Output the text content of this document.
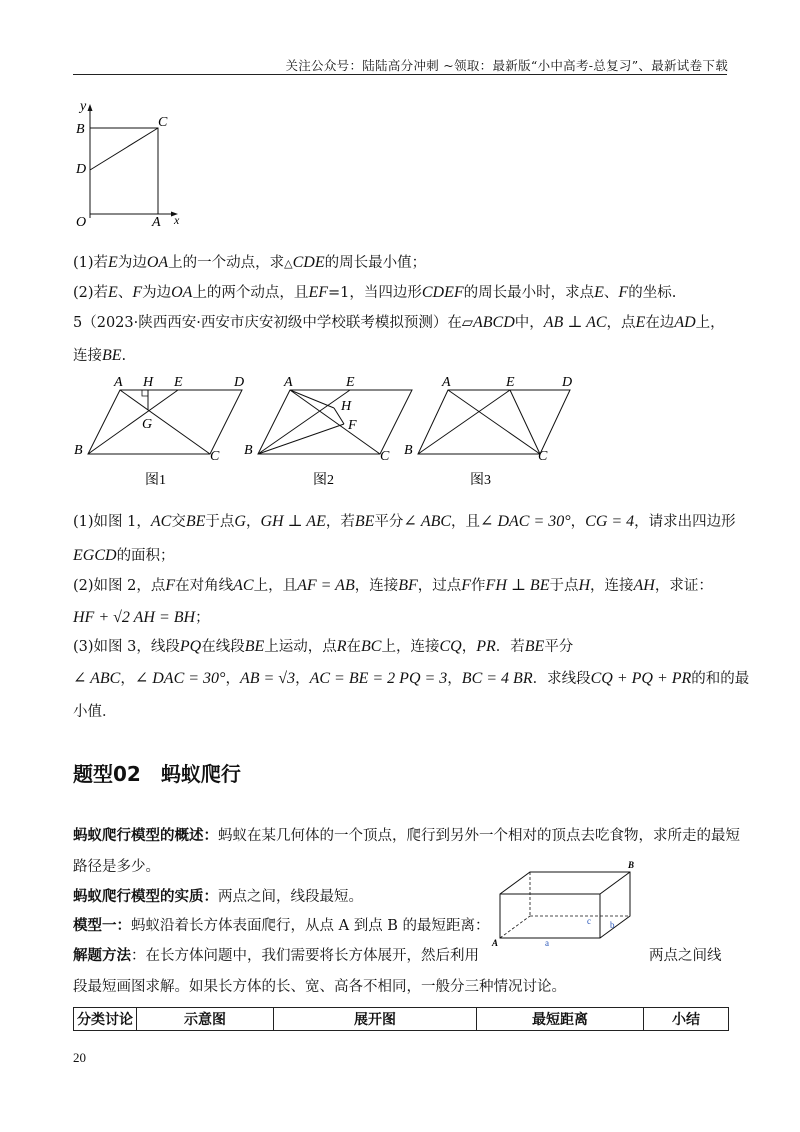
关注公众号：陆陆高分冲刺 ~领取：最新版“小中高考-总复习”、最新试卷下载
y
x
B	C
D
O	A
(1)若E为边OA上的一个动点，求△CDE的周长最小值；
(2)若E、F为边OA上的两个动点，且EF=1，当四边形CDEF的周长最小时，求点E、F的坐标.
5（2023·陕西西安·西安市庆安初级中学校联考模拟预测）在▱ABCD中，AB ⊥ AC，点E在边AD上，
连接BE.
A H E	D
G
B	C
图1
A	E
H
F
B	C
图2
A	E	D
B	C
图3
(1)如图 1，AC交BE于点G，GH ⊥ AE，若BE平分∠ ABC，且∠ DAC = 30°，CG = 4，请求出四边形
EGCD的面积；
(2)如图 2，点F在对角线AC上，且AF = AB，连接BF，过点F作FH ⊥ BE于点H，连接AH，求证：
HF + √2 AH = BH；
(3)如图 3，线段PQ在线段BE上运动，点R在BC上，连接CQ，PR．若BE平分
∠ ABC，∠ DAC = 30°，AB = √3，AC = BE = 2 PQ = 3，BC = 4 BR．求线段CQ + PQ + PR的和的最
小值．
题型02　蚂蚁爬行
蚂蚁爬行模型的概述：蚂蚁在某几何体的一个顶点，爬行到另外一个相对的顶点去吃食物，求所走的最短
路径是多少。
蚂蚁爬行模型的实质：两点之间，线段最短。
模型一：蚂蚁沿着长方体表面爬行，从点 A 到点 B 的最短距离：
解题方法：在长方体问题中，我们需要将长方体展开，然后利用	两点之间线
段最短画图求解。如果长方体的长、宽、高各不相同，一般分三种情况讨论。
A
B
a
b
c
分类讨论	示意图	展开图	最短距离	小结
20
